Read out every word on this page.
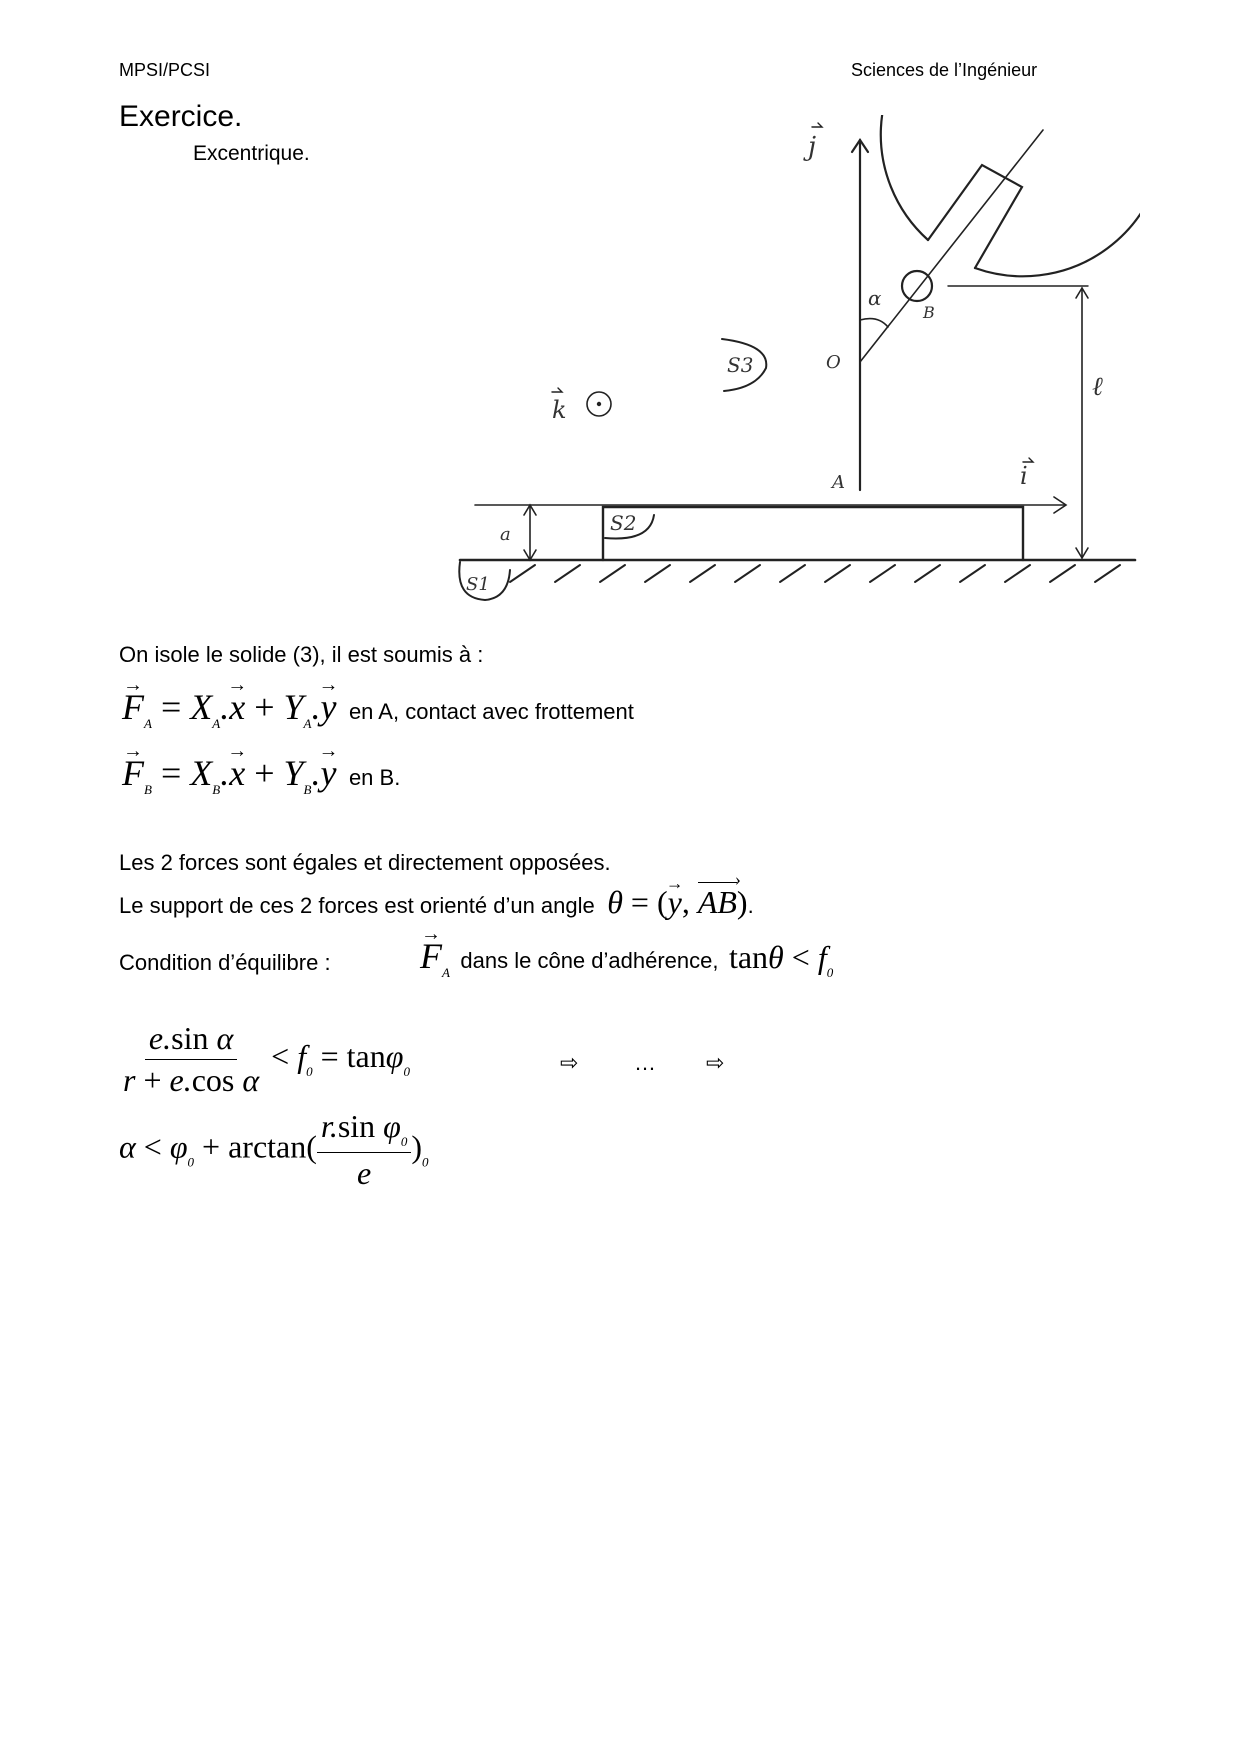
MPSI/PCSI	Sciences de l’Ingénieur
Exercice.
Excentrique.	j
α
B
O
S3
k
ℓ
A	i
S2
a
S1
On isole le solide (3), il est soumis à :
→ $F_A = X_A.\to x + Y_A.\to y$ en A, contact avec frottement
→ $F_B = X_B.\to x + Y_B.\to y$ en B.
Les 2 forces sont égales et directement opposées.
Le support de ces 2 forces est orienté d’un angle θ = (→ y, AB ›).
Condition d’équilibre : → $F_A$ dans le cône d’adhérence, $\tan\theta < f_0$
$\frac{\text{e.sin α}}{\text{r + e.cos α}} < f_0 = \tan\varphi_0$	⇨	… ⇨
$\alpha < \varphi_0 + \arctan( \frac{r.\sin \varphi_0}{e} )_0$
